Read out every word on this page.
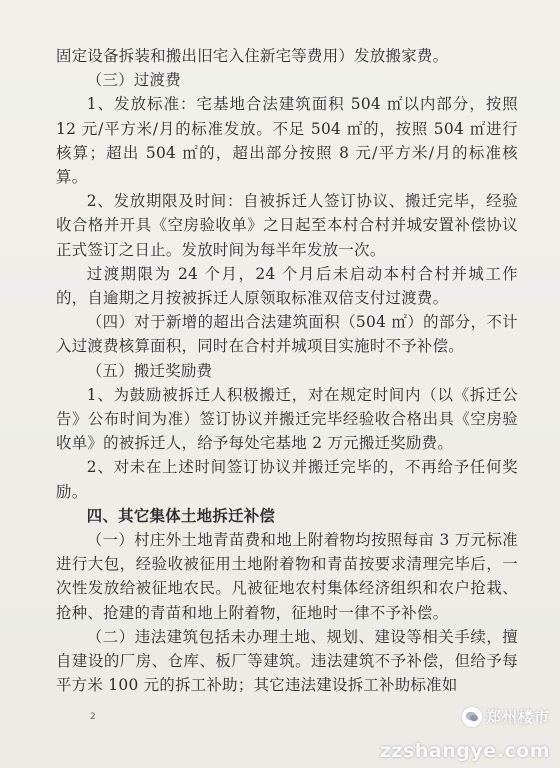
固定设备拆装和搬出旧宅入住新宅等费用）发放搬家费。

（三）过渡费

1、发放标准：宅基地合法建筑面积 504 ㎡以内部分，按照12 元/平方米/月的标准发放。不足 504 ㎡的，按照 504 ㎡进行核算；超出 504 ㎡的，超出部分按照 8 元/平方米/月的标准核算。

2、发放期限及时间：自被拆迁人签订协议、搬迁完毕，经验收合格并开具《空房验收单》之日起至本村合村并城安置补偿协议正式签订之日止。发放时间为每半年发放一次。

过渡期限为 24 个月，24 个月后未启动本村合村并城工作的，自逾期之月按被拆迁人原领取标准双倍支付过渡费。

（四）对于新增的超出合法建筑面积（504 ㎡）的部分，不计入过渡费核算面积，同时在合村并城项目实施时不予补偿。

（五）搬迁奖励费

1、为鼓励被拆迁人积极搬迁，对在规定时间内（以《拆迁公告》公布时间为准）签订协议并搬迁完毕经验收合格出具《空房验收单》的被拆迁人，给予每处宅基地 2 万元搬迁奖励费。

2、对未在上述时间签订协议并搬迁完毕的，不再给予任何奖励。

四、其它集体土地拆迁补偿

（一）村庄外土地青苗费和地上附着物均按照每亩 3 万元标准进行大包，经验收被征用土地附着物和青苗按要求清理完毕后，一次性发放给被征地农民。凡被征地农村集体经济组织和农户抢栽、抢种、抢建的青苗和地上附着物，征地时一律不予补偿。

（二）违法建筑包括未办理土地、规划、建设等相关手续，擅自建设的厂房、仓库、板厂等建筑。违法建筑不予补偿，但给予每平方米 100 元的拆工补助；其它违法建设拆工补助标准如

2	郑州楼市
zzshangye.com
